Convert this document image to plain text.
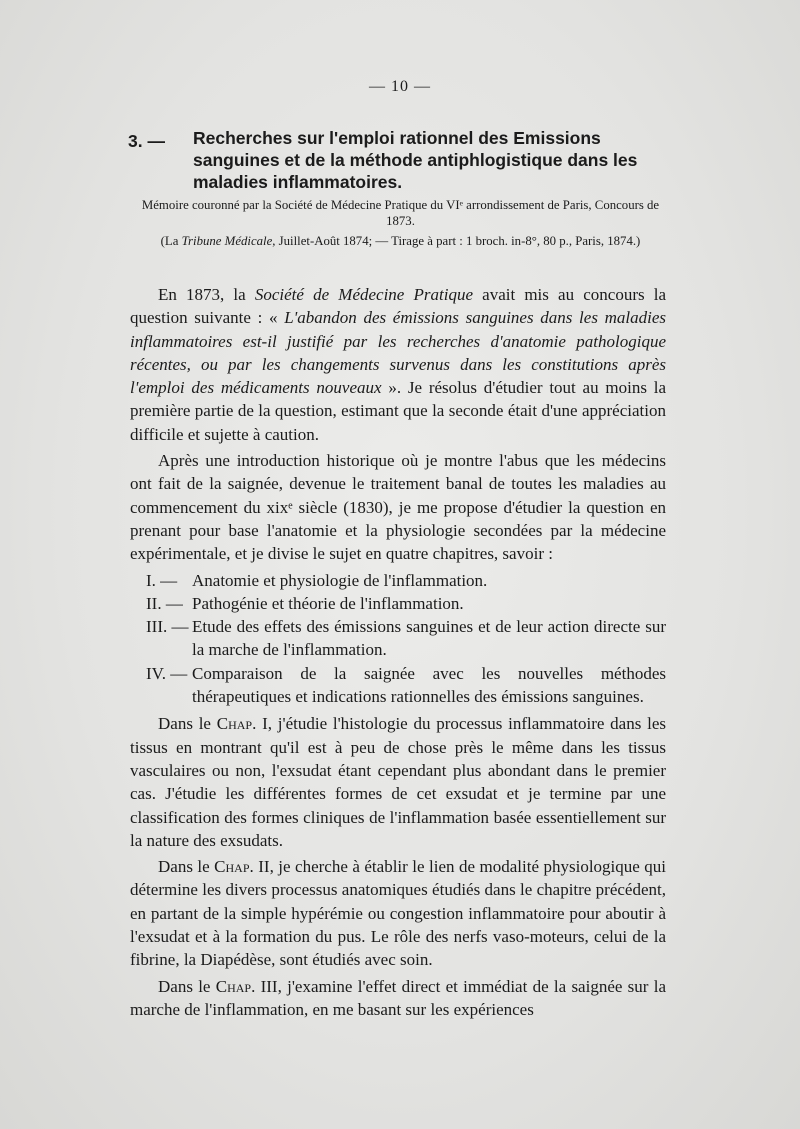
— 10 —
3. — Recherches sur l'emploi rationnel des Emissions sanguines et de la méthode antiphlogistique dans les maladies inflammatoires.
Mémoire couronné par la Société de Médecine Pratique du VIᵉ arrondissement de Paris, Concours de 1873.
(La Tribune Médicale, Juillet-Août 1874; — Tirage à part : 1 broch. in-8°, 80 p., Paris, 1874.)

En 1873, la Société de Médecine Pratique avait mis au concours la question suivante : « L'abandon des émissions sanguines dans les maladies inflammatoires est-il justifié par les recherches d'anatomie pathologique récentes, ou par les changements survenus dans les constitutions après l'emploi des médicaments nouveaux ». Je résolus d'étudier tout au moins la première partie de la question, estimant que la seconde était d'une appréciation difficile et sujette à caution.

Après une introduction historique où je montre l'abus que les médecins ont fait de la saignée, devenue le traitement banal de toutes les maladies au commencement du xixᵉ siècle (1830), je me propose d'étudier la question en prenant pour base l'anatomie et la physiologie secondées par la médecine expérimentale, et je divise le sujet en quatre chapitres, savoir :

I. — Anatomie et physiologie de l'inflammation.
II. — Pathogénie et théorie de l'inflammation.
III. — Etude des effets des émissions sanguines et de leur action directe sur la marche de l'inflammation.
IV. — Comparaison de la saignée avec les nouvelles méthodes thérapeutiques et indications rationnelles des émissions sanguines.

Dans le Chap. I, j'étudie l'histologie du processus inflammatoire dans les tissus en montrant qu'il est à peu de chose près le même dans les tissus vasculaires ou non, l'exsudat étant cependant plus abondant dans le premier cas. J'étudie les différentes formes de cet exsudat et je termine par une classification des formes cliniques de l'inflammation basée essentiellement sur la nature des exsudats.

Dans le Chap. II, je cherche à établir le lien de modalité physiologique qui détermine les divers processus anatomiques étudiés dans le chapitre précédent, en partant de la simple hypérémie ou congestion inflammatoire pour aboutir à l'exsudat et à la formation du pus. Le rôle des nerfs vaso-moteurs, celui de la fibrine, la Diapédèse, sont étudiés avec soin.

Dans le Chap. III, j'examine l'effet direct et immédiat de la saignée sur la marche de l'inflammation, en me basant sur les expériences
